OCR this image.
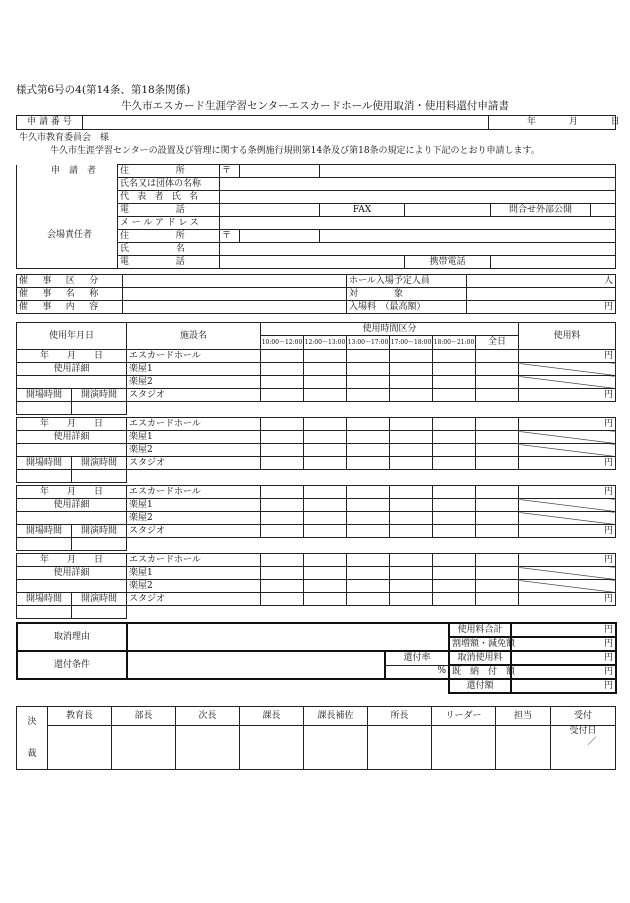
様式第6号の4(第14条、第18条関係)
牛久市エスカード生涯学習センターエスカードホール使用取消・使用料還付申請書
申 請 番 号		年	月	日
牛久市教育委員会　様
牛久市生涯学習センターの設置及び管理に関する条例施行規則第14条及び第18条の規定により下記のとおり申請します。
申　請　者	住　　　所	〒					
	氏名又は団体の名称						
	代 表 者 氏 名						
	電　　　話			FAX		問合せ外部公開	
	メールアドレス						
会場責任者	住　　　所	〒					
	氏　　　名						
	電　　　話				携帯電話		
催　事　区　分		ホール入場予定人員	人
催　事　名　称		対　　　　象	
催　事　内　容		入場料　（最高額）	円
使用年月日	施設名	使用時間区分						使用料
		10:00〜12:00	12:00〜13:00	13:00〜17:00	17:00〜18:00	18:00〜21:00	全日	
年　　月　　日		エスカードホール							円
使用詳細		楽屋1							
		楽屋2							
開場時間	開演時間	スタジオ							円

年　　月　　日		エスカードホール							円
使用詳細		楽屋1							
		楽屋2							
開場時間	開演時間	スタジオ							円

年　　月　　日		エスカードホール							円
使用詳細		楽屋1							
		楽屋2							
開場時間	開演時間	スタジオ							円

年　　月　　日		エスカードホール							円
使用詳細		楽屋1							
		楽屋2							
開場時間	開演時間	スタジオ							円

取消理由			使用料合計	円
			割増額・減免額	円
還付条件		還付率	取消使用料	円
		%	既　納　付　額	円
			還付額	円
決
裁	教育長	部長	次長	課長	課長補佐	所長	リーダー	担当	受付

									受付日
／
